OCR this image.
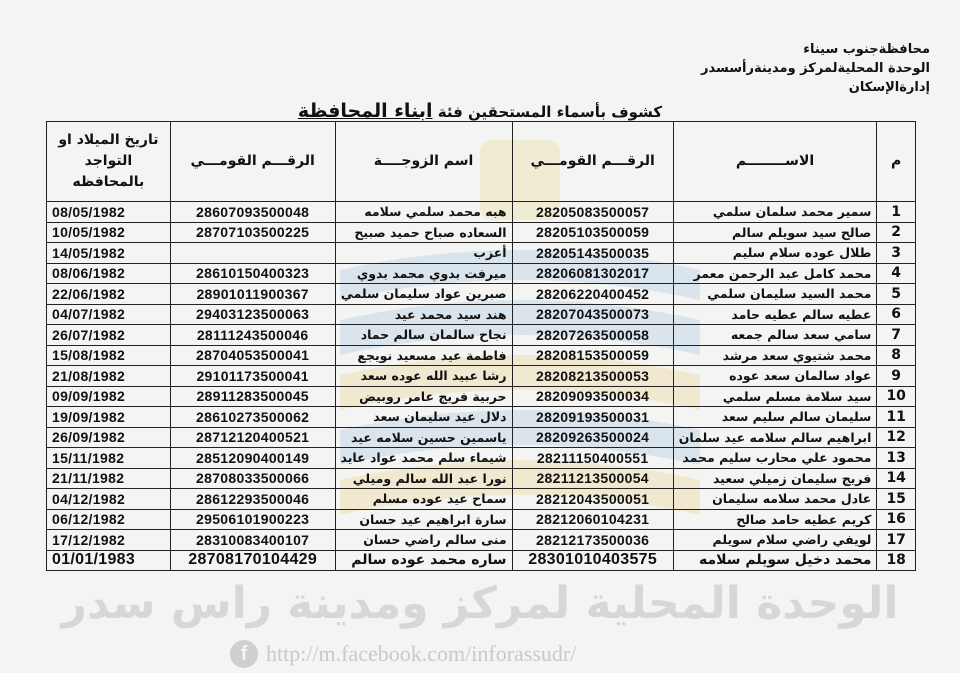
محافظةجنوب سيناء
الوحدة المحليةلمركز ومدينةرأسسدر
إدارةالإسكان
كشوف بأسماء المستحقين فئة ابناء المحافظة
م	الاســــــــم	الرقـــم القومـــي	اسم الزوجــــة	الرقـــم القومـــي	تاريخ الميلاد او التواجد بالمحافظه
1	سمير محمد سلمان سلمي	28205083500057	هبه محمد سلمي سلامه	28607093500048	08/05/1982
2	صالح سيد سويلم سالم	28205103500059	السعاده صباح حميد صبيح	28707103500225	10/05/1982
3	طلال عوده سلام سليم	28205143500035	أعزب		14/05/1982
4	محمد كامل عبد الرحمن معمر	28206081302017	ميرفت بدوي محمد بدوي	28610150400323	08/06/1982
5	محمد السيد سليمان سلمي	28206220400452	صبرين عواد سليمان سلمي	28901011900367	22/06/1982
6	عطيه سالم عطيه حامد	28207043500073	هند سيد محمد عيد	29403123500063	04/07/1982
7	سامي سعد سالم جمعه	28207263500058	نجاح سالمان سالم حماد	28111243500046	26/07/1982
8	محمد شتيوي سعد مرشد	28208153500059	فاطمة عيد مسعيد نويجع	28704053500041	15/08/1982
9	عواد سالمان سعد عوده	28208213500053	رشا عبيد الله عوده سعد	29101173500041	21/08/1982
10	سيد سلامة مسلم سلمي	28209093500034	حربية فريج عامر روبيض	28911283500045	09/09/1982
11	سليمان سالم سليم سعد	28209193500031	دلال عيد سليمان سعد	28610273500062	19/09/1982
12	ابراهيم سالم سلامه عيد سلمان	28209263500024	ياسمين حسين سلامه عيد	28712120400521	26/09/1982
13	محمود علي محارب سليم محمد	28211150400551	شيماء سلم محمد عواد عايد	28512090400149	15/11/1982
14	فريج سليمان زميلي سعيد	28211213500054	نورا عبد الله سالم وميلي	28708033500066	21/11/1982
15	عادل محمد سلامه سليمان	28212043500051	سماح عيد عوده مسلم	28612293500046	04/12/1982
16	كريم عطيه حامد صالح	28212060104231	سارة ابراهيم عيد حسان	29506101900223	06/12/1982
17	لويفي راضي سلام سويلم	28212173500036	منى سالم راضي حسان	28310083400107	17/12/1982
18	محمد دخيل سويلم سلامه	28301010403575	ساره محمد عوده سالم	28708170104429	01/01/1983
الوحدة المحلية لمركز ومدينة راس سدر
f http://m.facebook.com/inforassudr/
